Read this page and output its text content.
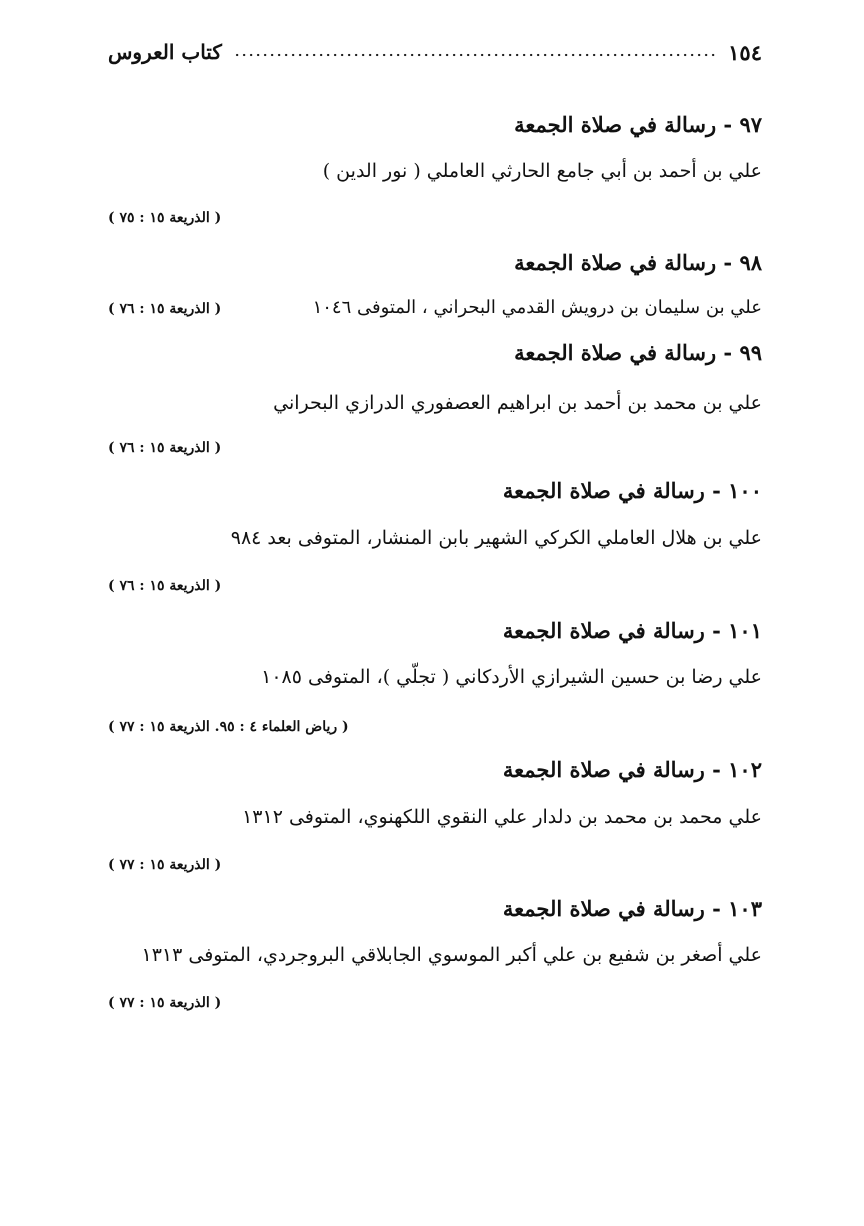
كتاب العروس	١٥٤
٩٧ - رسالة في صلاة الجمعة
علي بن أحمد بن أبي جامع الحارثي العاملي ( نور الدين )
( الذريعة ١٥ : ٧٥ )
٩٨ - رسالة في صلاة الجمعة
( الذريعة ١٥ : ٧٦ )	علي بن سليمان بن درويش القدمي البحراني ، المتوفى ١٠٤٦
٩٩ - رسالة في صلاة الجمعة
علي بن محمد بن أحمد بن ابراهيم العصفوري الدرازي البحراني
( الذريعة ١٥ : ٧٦ )
١٠٠ - رسالة في صلاة الجمعة
علي بن هلال العاملي الكركي الشهير بابن المنشار، المتوفى بعد ٩٨٤
( الذريعة ١٥ : ٧٦ )
١٠١ - رسالة في صلاة الجمعة
علي رضا بن حسين الشيرازي الأردكاني ( تجلّي )، المتوفى ١٠٨٥
( رياض العلماء ٤ : ٩٥. الذريعة ١٥ : ٧٧ )
١٠٢ - رسالة في صلاة الجمعة
علي محمد بن محمد بن دلدار علي النقوي اللكهنوي، المتوفى ١٣١٢
( الذريعة ١٥ : ٧٧ )
١٠٣ - رسالة في صلاة الجمعة
علي أصغر بن شفيع بن علي أكبر الموسوي الجابلاقي البروجردي، المتوفى ١٣١٣
( الذريعة ١٥ : ٧٧ )
